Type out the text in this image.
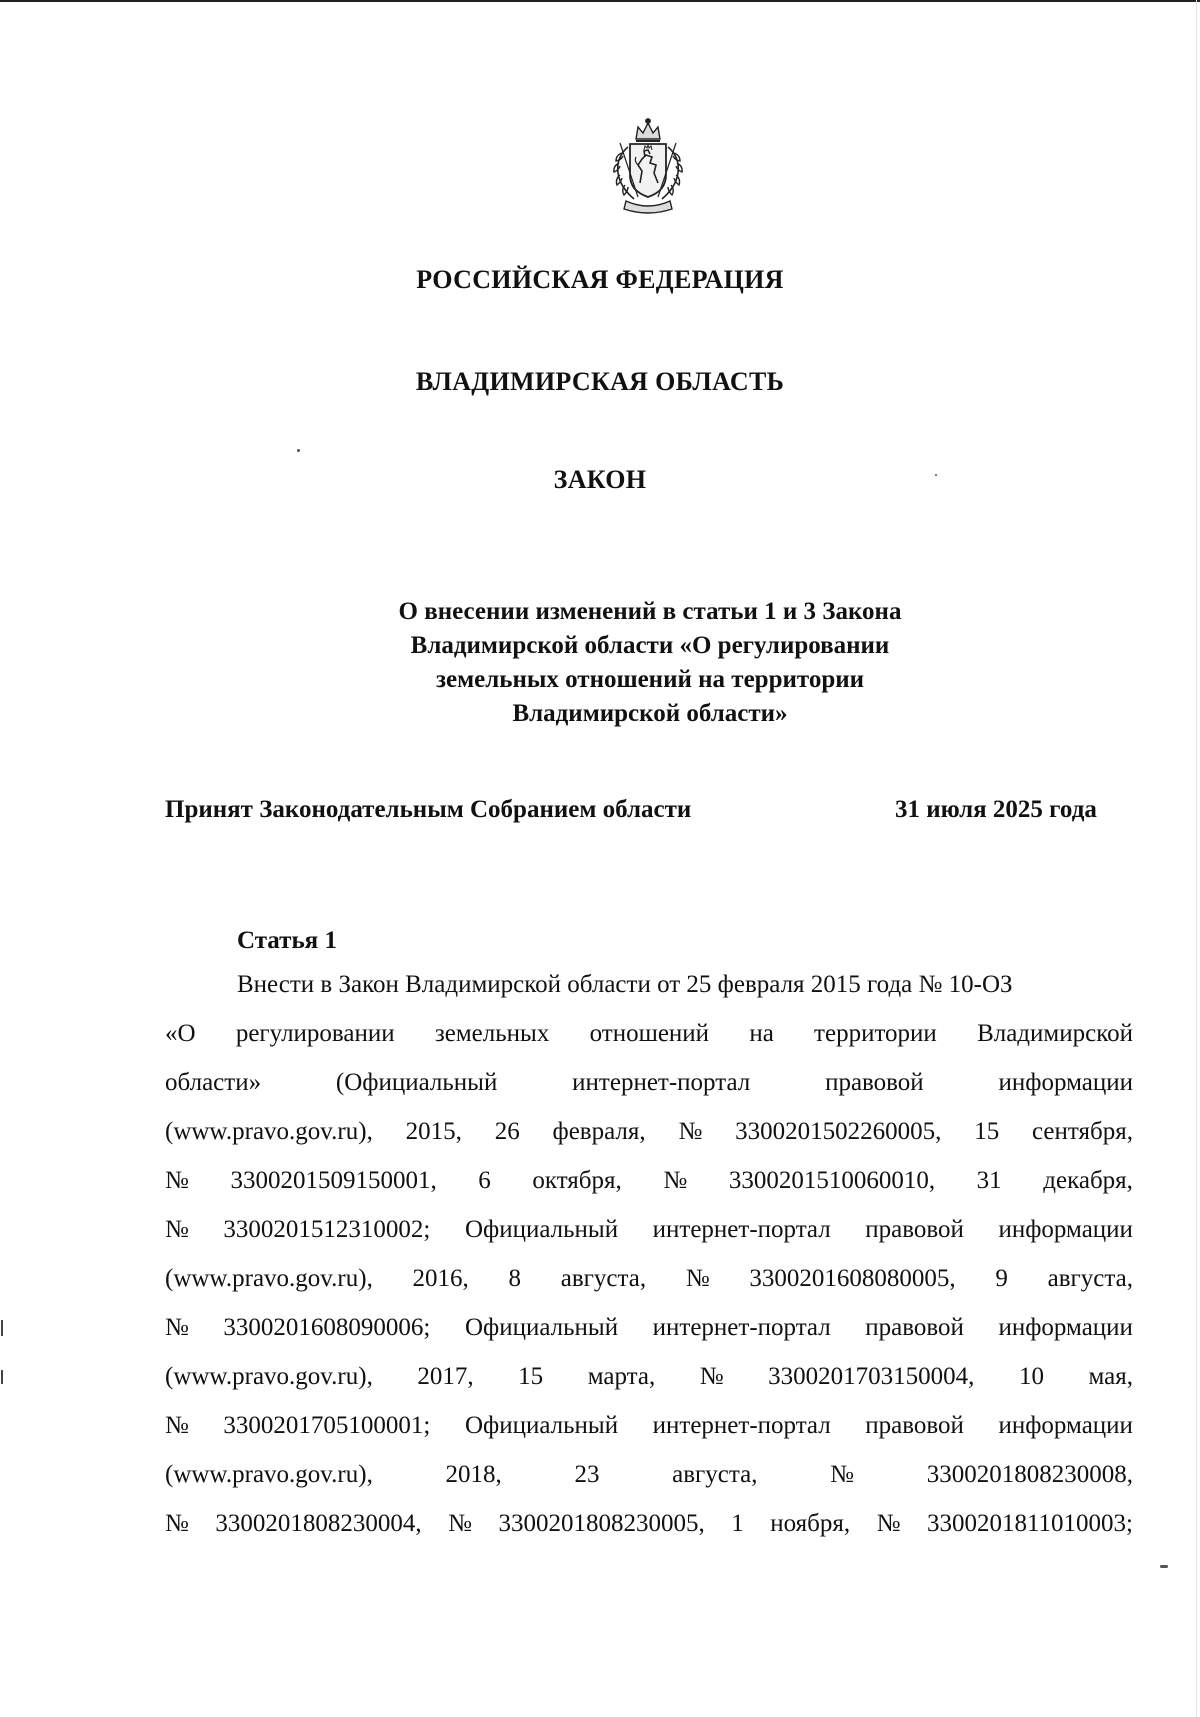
РОССИЙСКАЯ ФЕДЕРАЦИЯ
ВЛАДИМИРСКАЯ ОБЛАСТЬ
ЗАКОН
О внесении изменений в статьи 1 и 3 Закона
Владимирской области «О регулировании
земельных отношений на территории
Владимирской области»
Принят Законодательным Собранием области	31 июля 2025 года
Статья 1
Внести в Закон Владимирской области от 25 февраля 2015 года № 10-ОЗ
«О регулировании земельных отношений на территории Владимирской
области»	(Официальный	интернет-портал	правовой	информации
(www.pravo.gov.ru), 2015, 26 февраля, № 3300201502260005, 15 сентября,
№ 3300201509150001, 6 октября, № 3300201510060010, 31 декабря,
№ 3300201512310002; Официальный интернет-портал правовой информации
(www.pravo.gov.ru), 2016, 8 августа, № 3300201608080005, 9 августа,
№ 3300201608090006; Официальный интернет-портал правовой информации
(www.pravo.gov.ru), 2017, 15 марта, № 3300201703150004, 10 мая,
№ 3300201705100001; Официальный интернет-портал правовой информации
(www.pravo.gov.ru),	2018,	23	августа,	№	3300201808230008,
№ 3300201808230004, № 3300201808230005, 1 ноября, № 3300201811010003;
